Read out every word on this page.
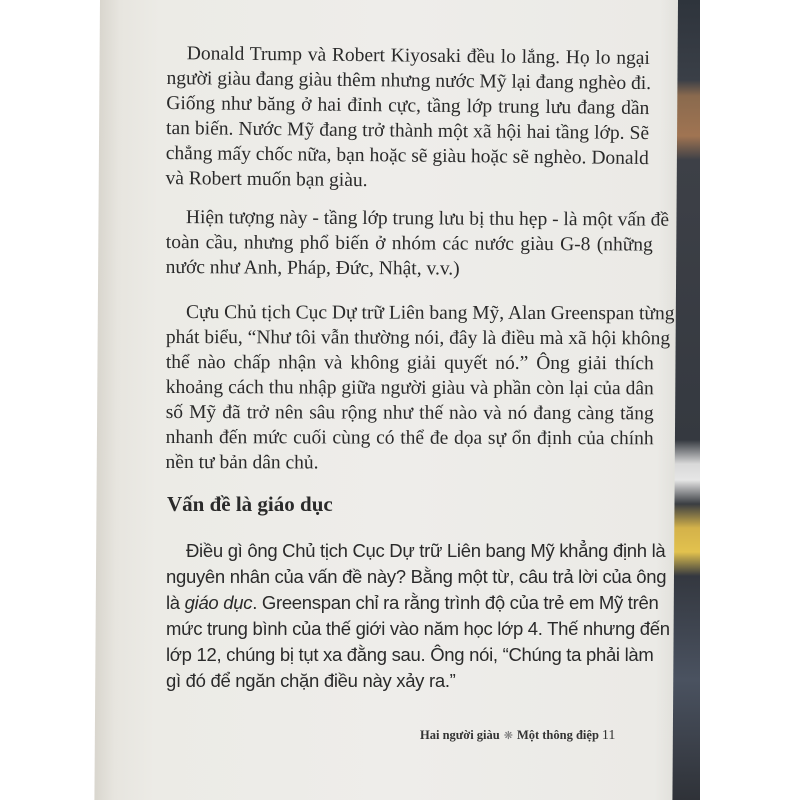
Donald Trump và Robert Kiyosaki đều lo lắng. Họ lo ngại
người giàu đang giàu thêm nhưng nước Mỹ lại đang nghèo đi.
Giống như băng ở hai đỉnh cực, tầng lớp trung lưu đang dần
tan biến. Nước Mỹ đang trở thành một xã hội hai tầng lớp. Sẽ
chẳng mấy chốc nữa, bạn hoặc sẽ giàu hoặc sẽ nghèo. Donald
và Robert muốn bạn giàu.

Hiện tượng này - tầng lớp trung lưu bị thu hẹp - là một vấn đề
toàn cầu, nhưng phổ biến ở nhóm các nước giàu G-8 (những
nước như Anh, Pháp, Đức, Nhật, v.v.)

Cựu Chủ tịch Cục Dự trữ Liên bang Mỹ, Alan Greenspan từng
phát biểu, “Như tôi vẫn thường nói, đây là điều mà xã hội không
thể nào chấp nhận và không giải quyết nó.” Ông giải thích
khoảng cách thu nhập giữa người giàu và phần còn lại của dân
số Mỹ đã trở nên sâu rộng như thế nào và nó đang càng tăng
nhanh đến mức cuối cùng có thể đe dọa sự ổn định của chính
nền tư bản dân chủ.

Vấn đề là giáo dục

Điều gì ông Chủ tịch Cục Dự trữ Liên bang Mỹ khẳng định là
nguyên nhân của vấn đề này? Bằng một từ, câu trả lời của ông
là giáo dục. Greenspan chỉ ra rằng trình độ của trẻ em Mỹ trên
mức trung bình của thế giới vào năm học lớp 4. Thế nhưng đến
lớp 12, chúng bị tụt xa đằng sau. Ông nói, “Chúng ta phải làm
gì đó để ngăn chặn điều này xảy ra.”

Hai người giàu ❋ Một thông điệp 11
